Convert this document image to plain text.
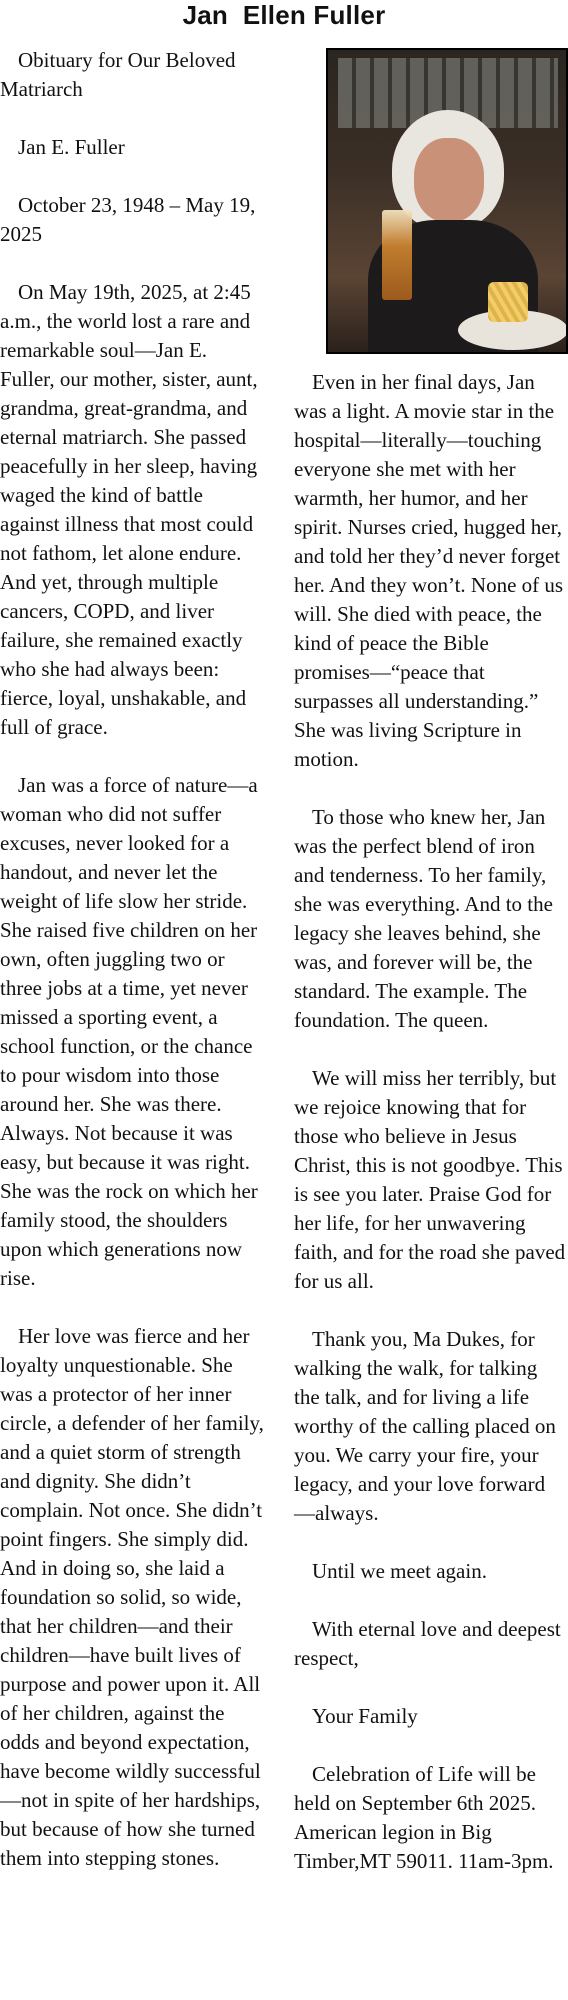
Jan  Ellen Fuller

Obituary for Our Beloved Matriarch

Jan E. Fuller

October 23, 1948 – May 19, 2025

On May 19th, 2025, at 2:45 a.m., the world lost a rare and remarkable soul—Jan E. Fuller, our mother, sister, aunt, grandma, great-grandma, and eternal matriarch. She passed peacefully in her sleep, having waged the kind of battle against illness that most could not fathom, let alone endure. And yet, through multiple cancers, COPD, and liver failure, she remained exactly who she had always been: fierce, loyal, unshakable, and full of grace.

Jan was a force of nature—a woman who did not suffer excuses, never looked for a handout, and never let the weight of life slow her stride. She raised five children on her own, often juggling two or three jobs at a time, yet never missed a sporting event, a school function, or the chance to pour wisdom into those around her. She was there. Always. Not because it was easy, but because it was right. She was the rock on which her family stood, the shoulders upon which generations now rise.

Her love was fierce and her loyalty unquestionable. She was a protector of her inner circle, a defender of her family, and a quiet storm of strength and dignity. She didn’t complain. Not once. She didn’t point fingers. She simply did. And in doing so, she laid a foundation so solid, so wide, that her children—and their children—have built lives of purpose and power upon it. All of her children, against the odds and beyond expectation, have become wildly successful—not in spite of her hardships, but because of how she turned them into stepping stones.

Even in her final days, Jan was a light. A movie star in the hospital—literally—touching everyone she met with her warmth, her humor, and her spirit. Nurses cried, hugged her, and told her they’d never forget her. And they won’t. None of us will. She died with peace, the kind of peace the Bible promises—“peace that surpasses all understanding.” She was living Scripture in motion.

To those who knew her, Jan was the perfect blend of iron and tenderness. To her family, she was everything. And to the legacy she leaves behind, she was, and forever will be, the standard. The example. The foundation. The queen.

We will miss her terribly, but we rejoice knowing that for those who believe in Jesus Christ, this is not goodbye. This is see you later. Praise God for her life, for her unwavering faith, and for the road she paved for us all.

Thank you, Ma Dukes, for walking the walk, for talking the talk, and for living a life worthy of the calling placed on you. We carry your fire, your legacy, and your love forward—always.

Until we meet again.

With eternal love and deepest respect,

Your Family

Celebration of Life will be held on September 6th 2025. American legion in Big Timber,MT 59011. 11am-3pm.
